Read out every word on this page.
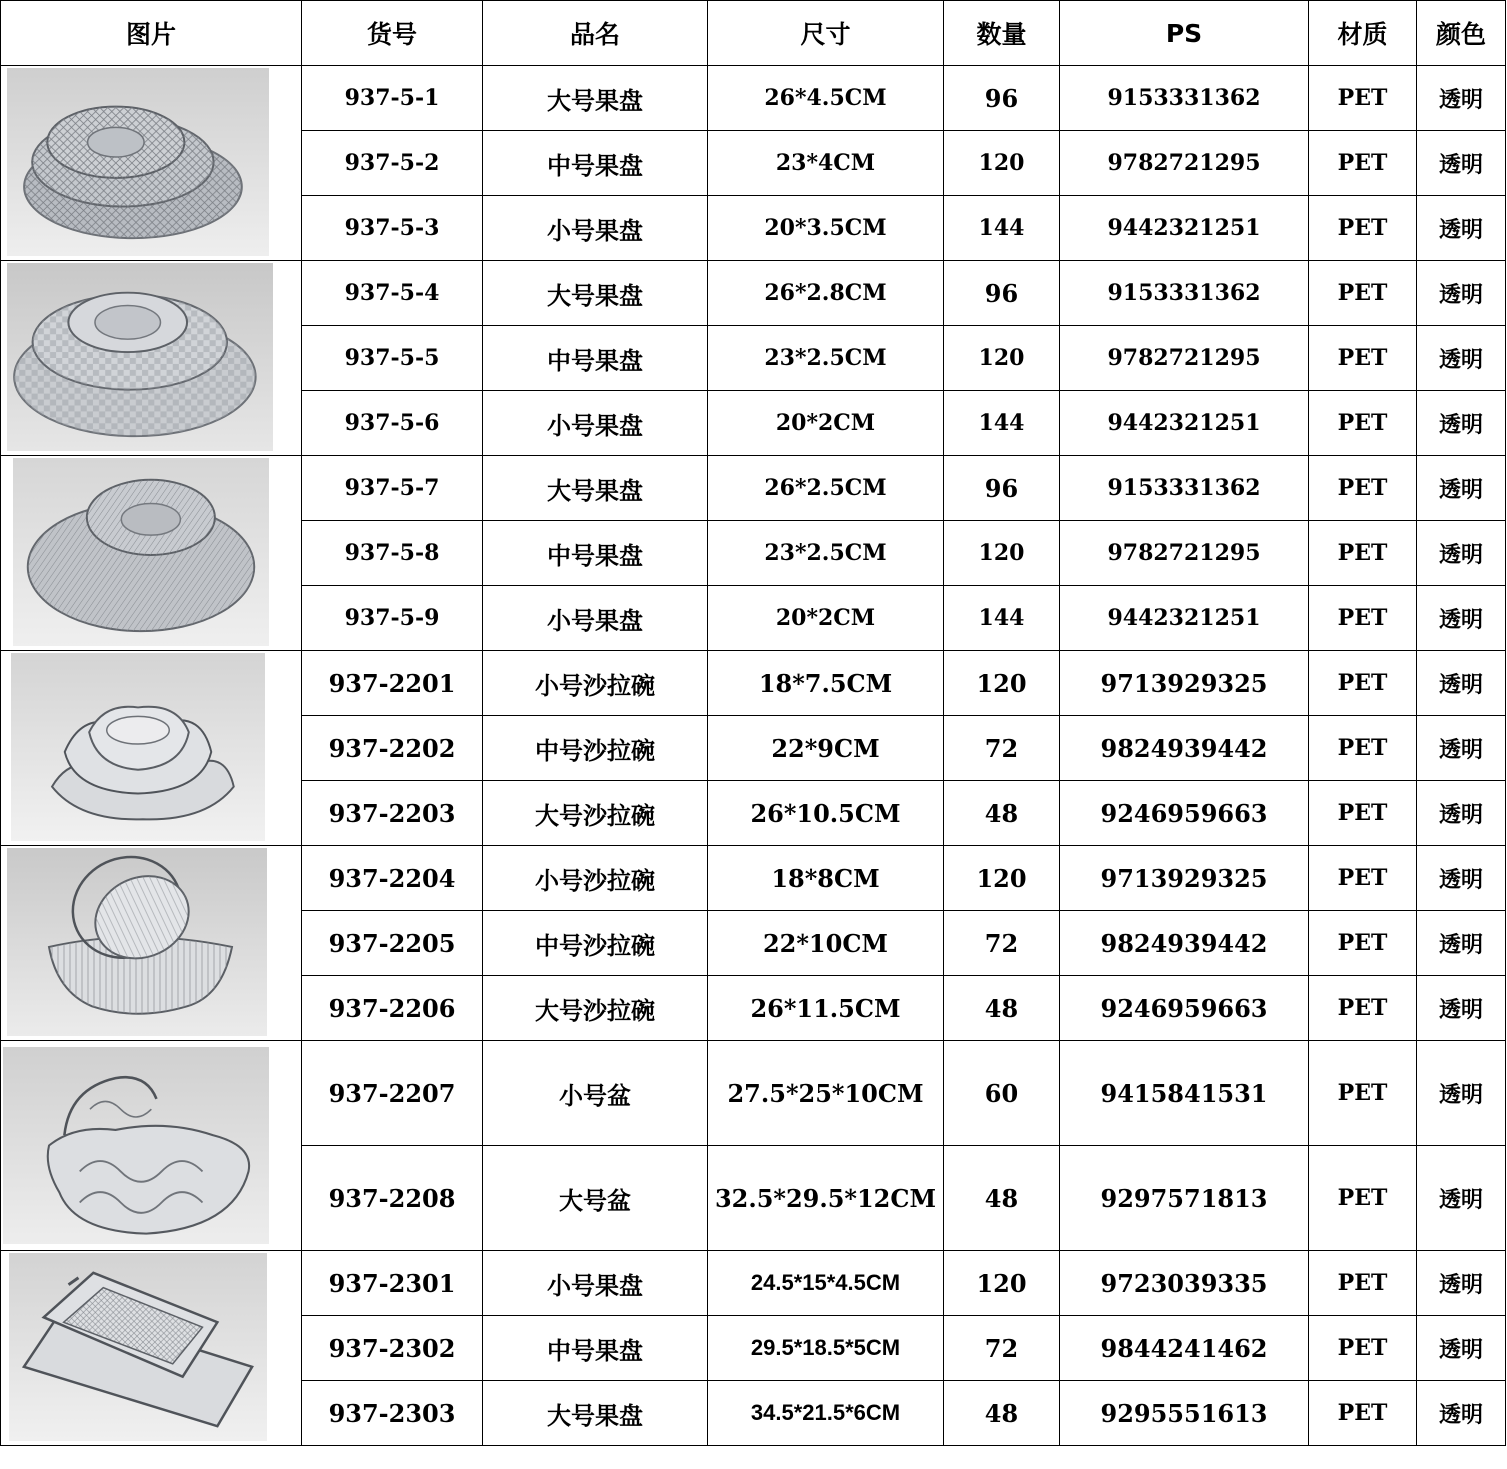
图片	货号	品名	尺寸	数量	PS	材质	颜色

	937-5-1	大号果盘	26*4.5CM	96	9153331362	PET	透明
	937-5-2	中号果盘	23*4CM	120	9782721295	PET	透明
	937-5-3	小号果盘	20*3.5CM	144	9442321251	PET	透明

	937-5-4	大号果盘	26*2.8CM	96	9153331362	PET	透明
	937-5-5	中号果盘	23*2.5CM	120	9782721295	PET	透明
	937-5-6	小号果盘	20*2CM	144	9442321251	PET	透明

	937-5-7	大号果盘	26*2.5CM	96	9153331362	PET	透明
	937-5-8	中号果盘	23*2.5CM	120	9782721295	PET	透明
	937-5-9	小号果盘	20*2CM	144	9442321251	PET	透明

	937-2201	小号沙拉碗	18*7.5CM	120	9713929325	PET	透明
	937-2202	中号沙拉碗	22*9CM	72	9824939442	PET	透明
	937-2203	大号沙拉碗	26*10.5CM	48	9246959663	PET	透明

	937-2204	小号沙拉碗	18*8CM	120	9713929325	PET	透明
	937-2205	中号沙拉碗	22*10CM	72	9824939442	PET	透明
	937-2206	大号沙拉碗	26*11.5CM	48	9246959663	PET	透明

	937-2207	小号盆	27.5*25*10CM	60	9415841531	PET	透明
	937-2208	大号盆	32.5*29.5*12CM	48	9297571813	PET	透明

	937-2301	小号果盘	24.5*15*4.5CM	120	9723039335	PET	透明
	937-2302	中号果盘	29.5*18.5*5CM	72	9844241462	PET	透明
	937-2303	大号果盘	34.5*21.5*6CM	48	9295551613	PET	透明
